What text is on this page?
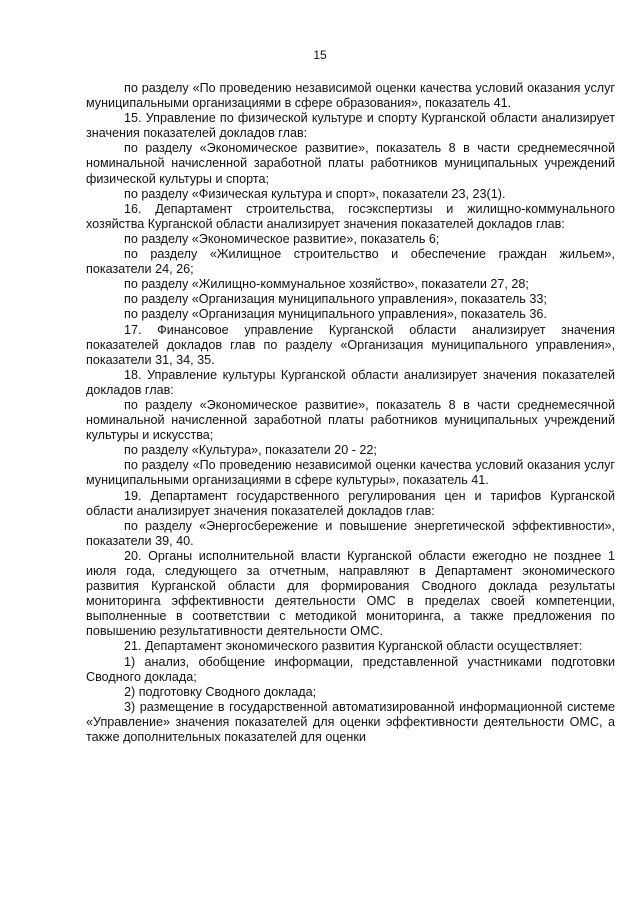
15

по разделу «По проведению независимой оценки качества условий оказания услуг муниципальными организациями в сфере образования», показатель 41.

15. Управление по физической культуре и спорту Курганской области анализирует значения показателей докладов глав:

по разделу «Экономическое развитие», показатель 8 в части среднемесячной номинальной начисленной заработной платы работников муниципальных учреждений физической культуры и спорта;

по разделу «Физическая культура и спорт», показатели 23, 23(1).

16. Департамент строительства, госэкспертизы и жилищно-коммунального хозяйства Курганской области анализирует значения показателей докладов глав:

по разделу «Экономическое развитие», показатель 6;

по разделу «Жилищное строительство и обеспечение граждан жильем», показатели 24, 26;

по разделу «Жилищно-коммунальное хозяйство», показатели 27, 28;

по разделу «Организация муниципального управления», показатель 33;

по разделу «Организация муниципального управления», показатель 36.

17. Финансовое управление Курганской области анализирует значения показателей докладов глав по разделу «Организация муниципального управления», показатели 31, 34, 35.

18. Управление культуры Курганской области анализирует значения показателей докладов глав:

по разделу «Экономическое развитие», показатель 8 в части среднемесячной номинальной начисленной заработной платы работников муниципальных учреждений культуры и искусства;

по разделу «Культура», показатели 20 - 22;

по разделу «По проведению независимой оценки качества условий оказания услуг муниципальными организациями в сфере культуры», показатель 41.

19. Департамент государственного регулирования цен и тарифов Курганской области анализирует значения показателей докладов глав:

по разделу «Энергосбережение и повышение энергетической эффективности», показатели 39, 40.

20. Органы исполнительной власти Курганской области ежегодно не позднее 1 июля года, следующего за отчетным, направляют в Департамент экономического развития Курганской области для формирования Сводного доклада результаты мониторинга эффективности деятельности ОМС в пределах своей компетенции, выполненные в соответствии с методикой мониторинга, а также предложения по повышению результативности деятельности ОМС.

21. Департамент экономического развития Курганской области осуществляет:

1) анализ, обобщение информации, представленной участниками подготовки Сводного доклада;

2) подготовку Сводного доклада;

3) размещение в государственной автоматизированной информационной системе «Управление» значения показателей для оценки эффективности деятельности ОМС, а также дополнительных показателей для оценки
